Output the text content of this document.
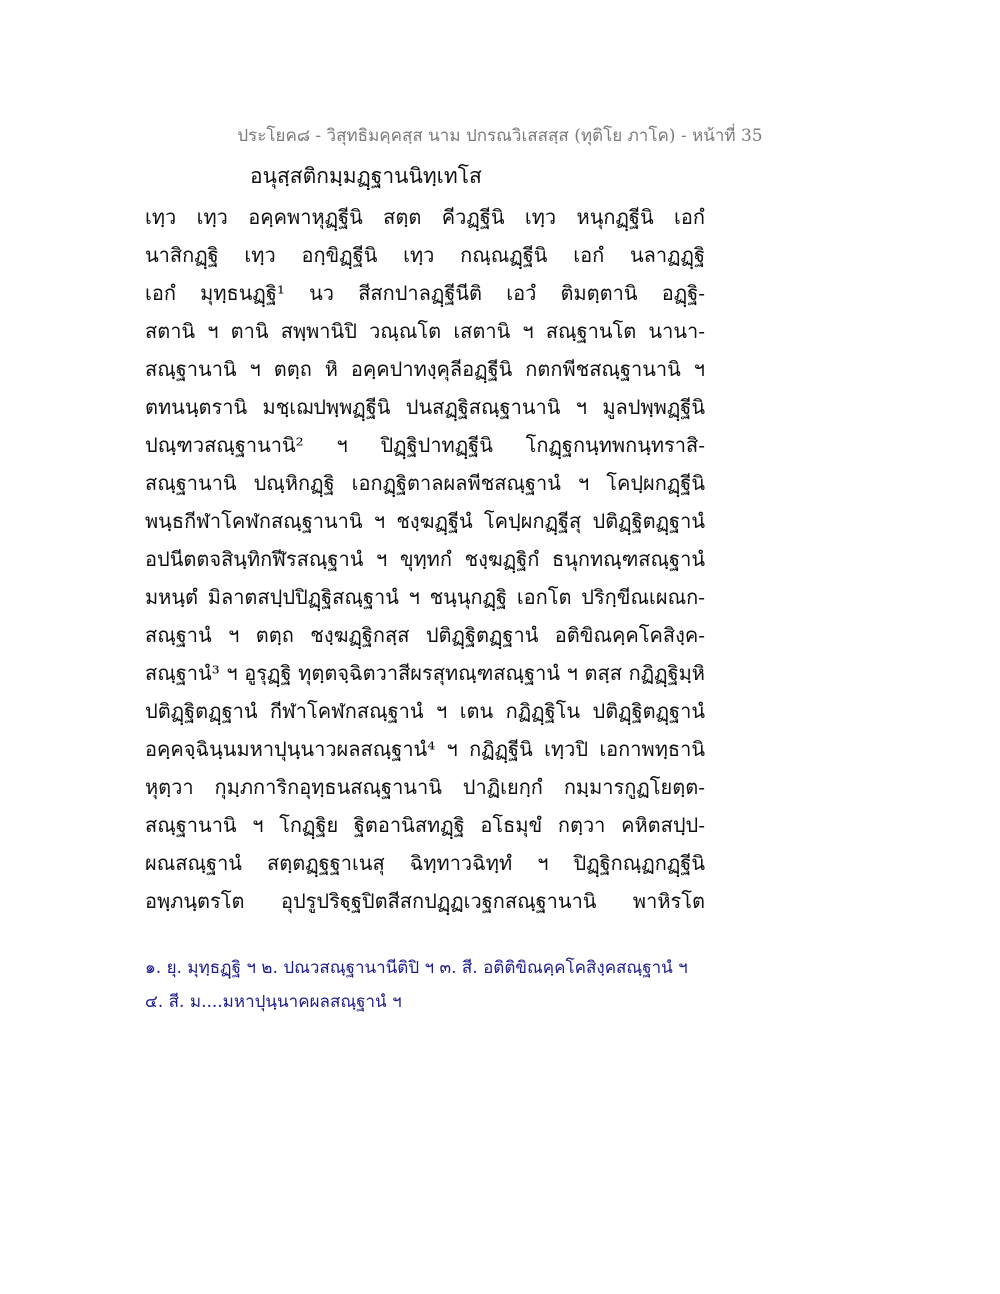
ประโยค๘ - วิสุทธิมคฺคสฺส นาม ปกรณวิเสสสฺส (ทุติโย ภาโค) - หน้าที่ 35
อนุสฺสติกมฺมฏฺฐานนิทฺเทโส
เทฺว เทฺว อคฺคพาหุฏฺฐีนิ สตฺต คีวฏฺฐีนิ เทฺว หนุกฏฺฐีนิ เอกํ
นาสิกฏฺฐิ เทฺว อกฺขิฏฺฐีนิ เทฺว กณฺณฏฺฐีนิ เอกํ นลาฏฏฺฐิ
เอกํ มุทฺธนฏฺฐิ¹ นว สีสกปาลฏฺฐีนีติ เอวํ ติมตฺตานิ อฏฺฐิ-
สตานิ ฯ ตานิ สพฺพานิปิ วณฺณโต เสตานิ ฯ สณฺฐานโต นานา-
สณฺฐานานิ ฯ ตตฺถ หิ อคฺคปาทงฺคุลีอฏฺฐีนิ กตกพีชสณฺฐานานิ ฯ
ตทนนฺตรานิ มชฺเฌปพฺพฏฺฐีนิ ปนสฏฺฐิสณฺฐานานิ ฯ มูลปพฺพฏฺฐีนิ
ปณฺฑวสณฺฐานานิ² ฯ ปิฏฺฐิปาทฏฺฐีนิ โกฏฺฐกนฺทพกนฺทราสิ-
สณฺฐานานิ ปณฺหิกฏฺฐิ เอกฏฺฐิตาลผลพีชสณฺฐานํ ฯ โคปฺผกฏฺฐีนิ
พนฺธกีฬาโคฬกสณฺฐานานิ ฯ ชงฺฆฏฺฐีนํ โคปฺผกฏฺฐีสุ ปติฏฺฐิตฏฺฐานํ
อปนีตตจสินฺทิกฬีรสณฺฐานํ ฯ ขุทฺทกํ ชงฺฆฏฺฐิกํ ธนุกทณฺฑสณฺฐานํ
มหนฺตํ มิลาตสปฺปปิฏฺฐิสณฺฐานํ ฯ ชนฺนุกฏฺฐิ เอกโต ปริกฺขีณเผณก-
สณฺฐานํ ฯ ตตฺถ ชงฺฆฏฺฐิกสฺส ปติฏฺฐิตฏฺฐานํ อติขิณคฺคโคสิงฺค-
สณฺฐานํ³ ฯ อูรุฏฺฐิ ทุตฺตจฺฉิตวาสีผรสุทณฺฑสณฺฐานํ ฯ ตสฺส กฏิฏฺฐิมฺหิ
ปติฏฺฐิตฏฺฐานํ กีฬาโคฬกสณฺฐานํ ฯ เตน กฏิฏฺฐิโน ปติฏฺฐิตฏฺฐานํ
อคฺคจฺฉินฺนมหาปุนฺนาวผลสณฺฐานํ⁴ ฯ กฏิฏฺฐีนิ เทฺวปิ เอกาพทฺธานิ
หุตฺวา กุมฺภการิกอุทฺธนสณฺฐานานิ ปาฏิเยกฺกํ กมฺมารกูฏโยตฺต-
สณฺฐานานิ ฯ โกฏฺฐิย ฐิตอานิสทฏฺฐิ อโธมุขํ กตฺวา คหิตสปฺป-
ผณสณฺฐานํ สตฺตฏฺฐฐาเนสุ ฉิทฺทาวฉิทฺทํ ฯ ปิฏฺฐิกณฺฏกฏฺฐีนิ
อพฺภนฺตรโต อุปรูปริฐฺฐปิตสีสกปฏฺฏเวฐกสณฺฐานานิ พาหิรโต
๑. ยุ. มุทฺธฏฺฐิ ฯ ๒. ปณวสณฺฐานานีติปิ ฯ ๓. สี. อติติขิณคฺคโคสิงฺคสณฺฐานํ ฯ
๔. สี. ม....มหาปุนฺนาคผลสณฺฐานํ ฯ
